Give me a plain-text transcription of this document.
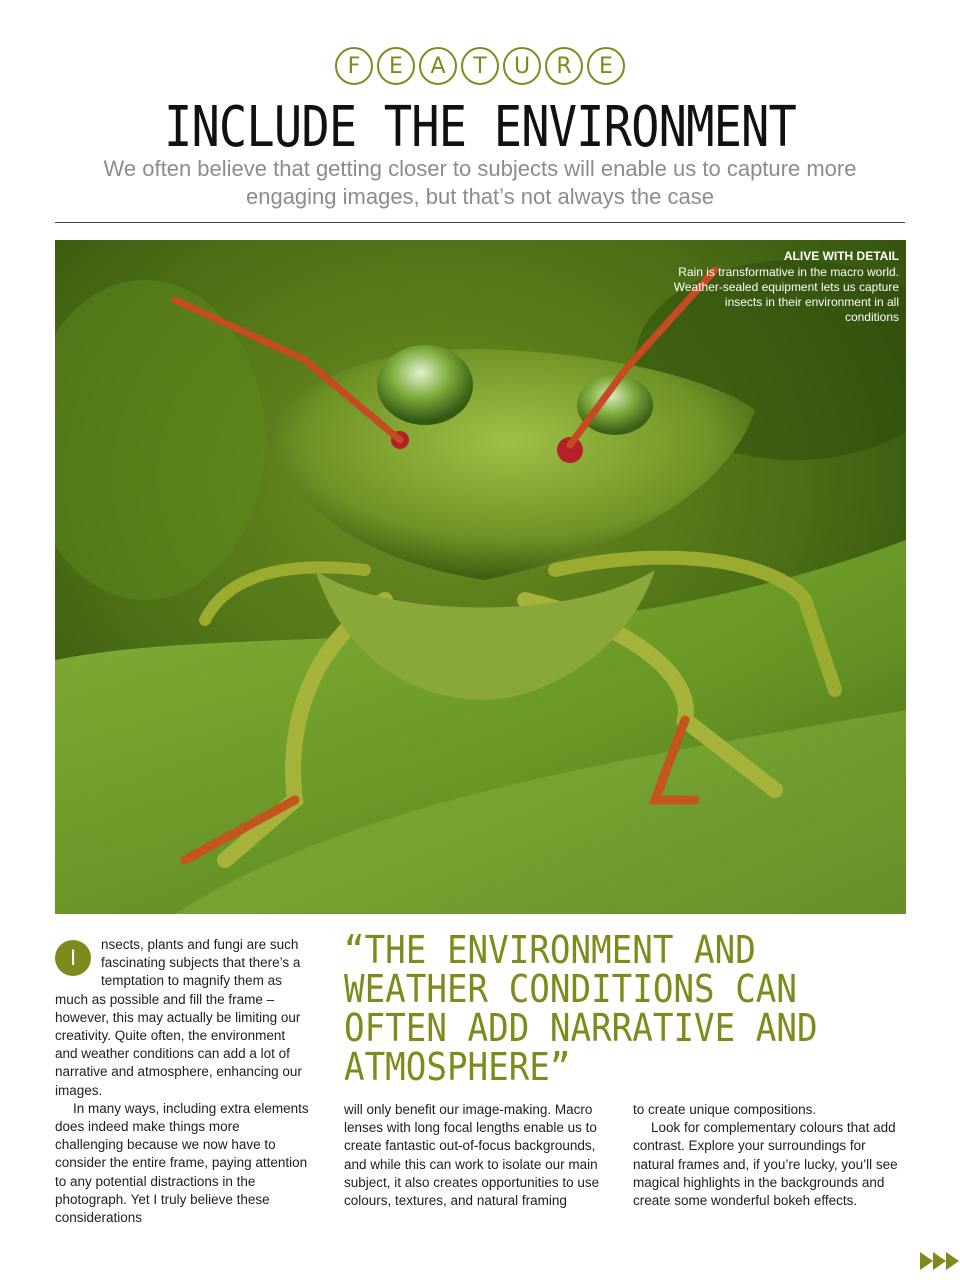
F	E	A	T	U	R	E
INCLUDE THE ENVIRONMENT

We often believe that getting closer to subjects will enable us to capture more engaging images, but that’s not always the case

ALIVE WITH DETAIL
Rain is transformative in the macro world. Weather-sealed equipment lets us capture insects in their environment in all conditions
I

nsects, plants and fungi are such fascinating subjects that there’s a temptation to magnify them as much as possible and fill the frame –however, this may actually be limiting our creativity. Quite often, the environment and weather conditions can add a lot of narrative and atmosphere, enhancing our images.

In many ways, including extra elements does indeed make things more challenging because we now have to consider the entire frame, paying attention to any potential distractions in the photograph. Yet I truly believe these considerations

“THE ENVIRONMENT AND WEATHER CONDITIONS CAN OFTEN ADD NARRATIVE AND ATMOSPHERE”

will only benefit our image-making. Macro lenses with long focal lengths enable us to create fantastic out-of-focus backgrounds, and while this can work to isolate our main subject, it also creates opportunities to use colours, textures, and natural framing

to create unique compositions.

Look for complementary colours that add contrast. Explore your surroundings for natural frames and, if you’re lucky, you’ll see magical highlights in the backgrounds and create some wonderful bokeh effects.
